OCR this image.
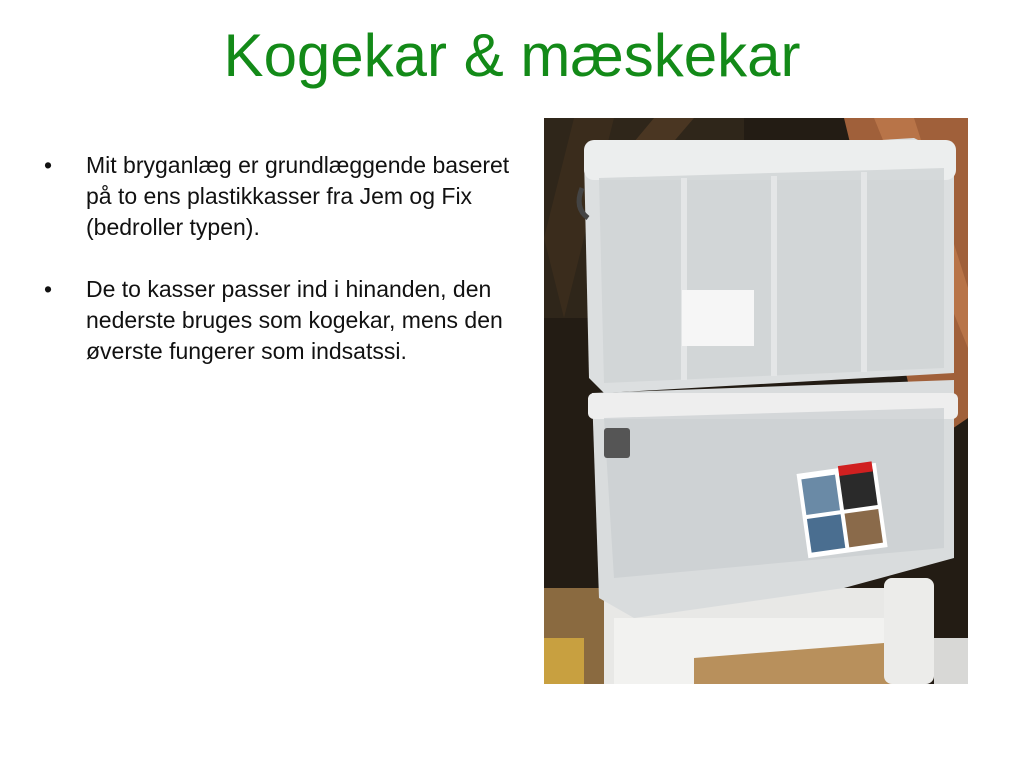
Kogekar & mæskekar
• Mit bryganlæg er grundlæggende baseret på to ens plastikkasser fra Jem og Fix (bedroller typen).
• De to kasser passer ind i hinanden, den nederste bruges som kogekar, mens den øverste fungerer som indsatssi.
